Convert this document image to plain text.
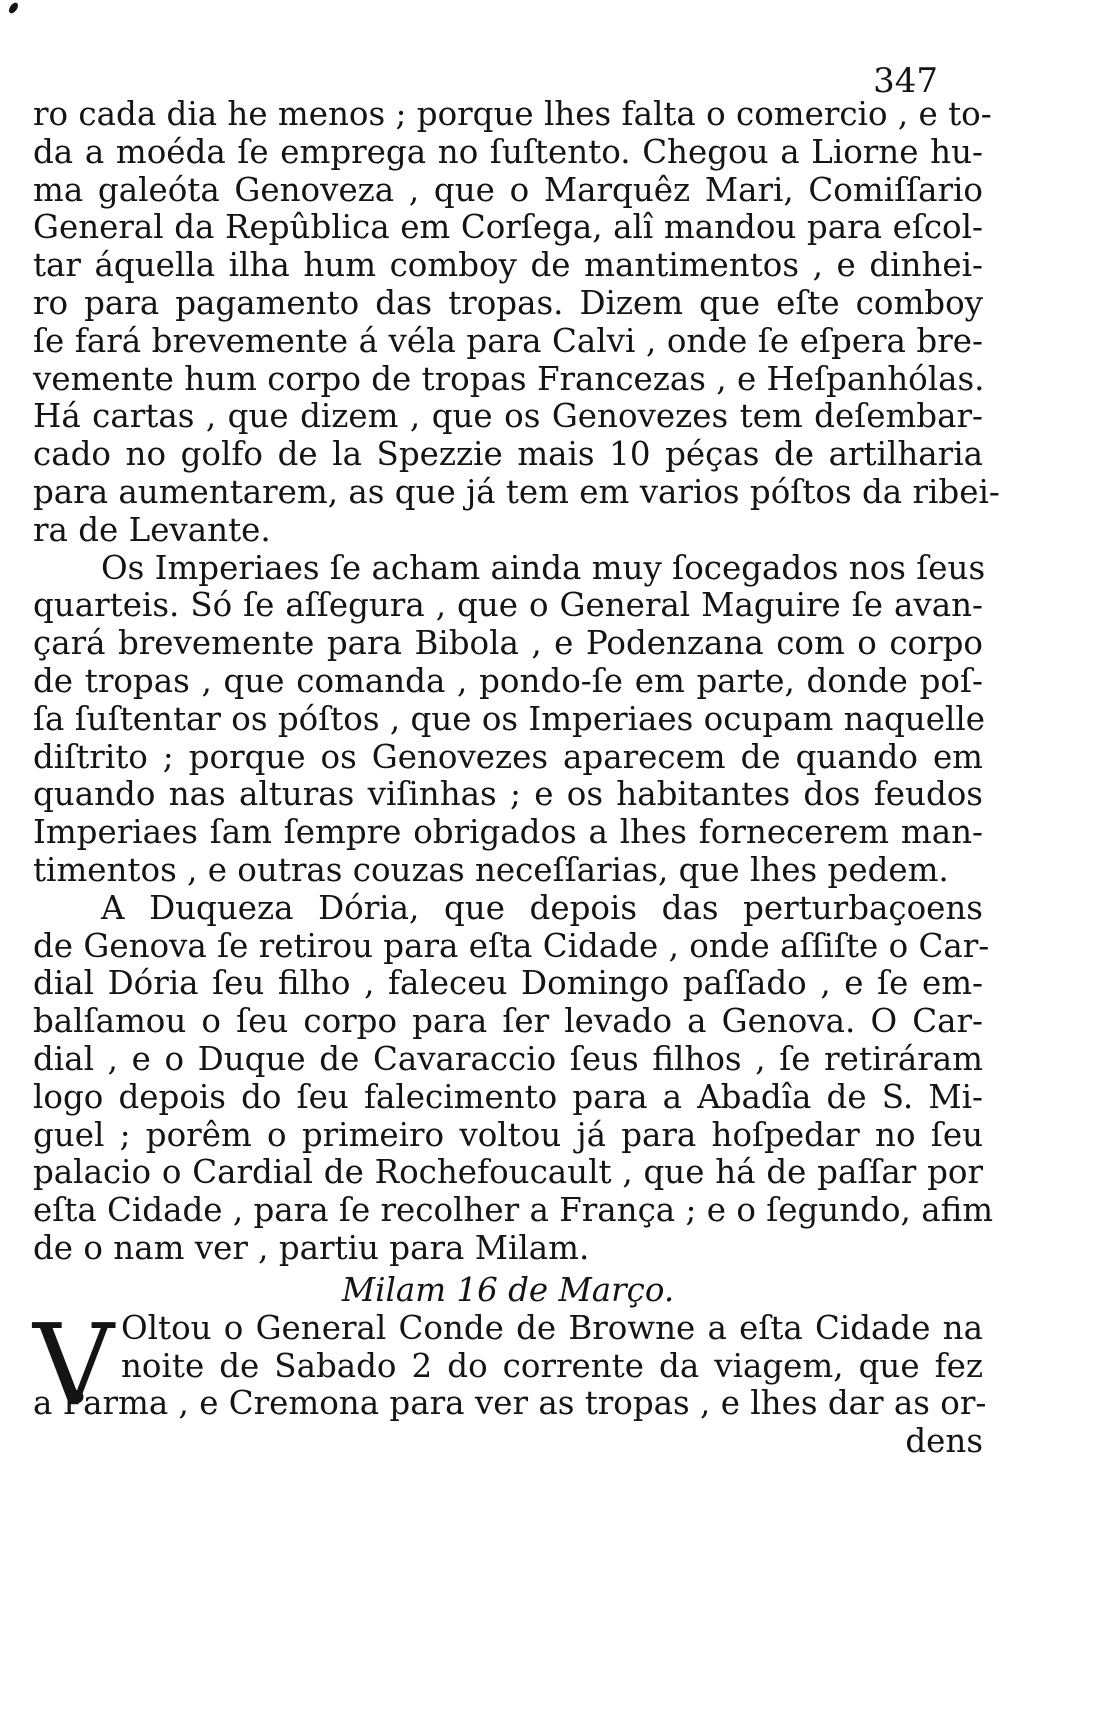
347
ro cada dia he menos ; porque lhes falta o comercio , e to-
da a moéda ſe emprega no ſuſtento. Chegou a Liorne hu-
ma galeóta Genoveza , que o Marquêz Mari, Comiſſario
General da Repûblica em Corſega, alî mandou para eſcol-
tar áquella ilha hum comboy de mantimentos , e dinhei-
ro para pagamento das tropas. Dizem que eſte comboy
ſe fará brevemente á véla para Calvi , onde ſe eſpera bre-
vemente hum corpo de tropas Francezas , e Heſpanhólas.
Há cartas , que dizem , que os Genovezes tem deſembar-
cado no golfo de la Spezzie mais 10 péças de artilharia
para aumentarem, as que já tem em varios póſtos da ribei-
ra de Levante.
Os Imperiaes ſe acham ainda muy ſocegados nos ſeus
quarteis. Só ſe aſſegura , que o General Maguire ſe avan-
çará brevemente para Bibola , e Podenzana com o corpo
de tropas , que comanda , pondo-ſe em parte, donde poſ-
ſa ſuſtentar os póſtos , que os Imperiaes ocupam naquelle
diſtrito ; porque os Genovezes aparecem de quando em
quando nas alturas viſinhas ; e os habitantes dos feudos
Imperiaes ſam ſempre obrigados a lhes fornecerem man-
timentos , e outras couzas neceſſarias, que lhes pedem.
A Duqueza Dória, que depois das perturbaçoens
de Genova ſe retirou para eſta Cidade , onde aſſiſte o Car-
dial Dória ſeu filho , faleceu Domingo paſſado , e ſe em-
balſamou o ſeu corpo para ſer levado a Genova. O Car-
dial , e o Duque de Cavaraccio ſeus filhos , ſe retiráram
logo depois do ſeu falecimento para a Abadîa de S. Mi-
guel ; porêm o primeiro voltou já para hoſpedar no ſeu
palacio o Cardial de Rochefoucault , que há de paſſar por
eſta Cidade , para ſe recolher a França ; e o ſegundo, afim
de o nam ver , partiu para Milam.
Milam 16 de Março.
V Oltou o General Conde de Browne a eſta Cidade na
noite de Sabado 2 do corrente da viagem, que fez
a Parma , e Cremona para ver as tropas , e lhes dar as or-
dens
